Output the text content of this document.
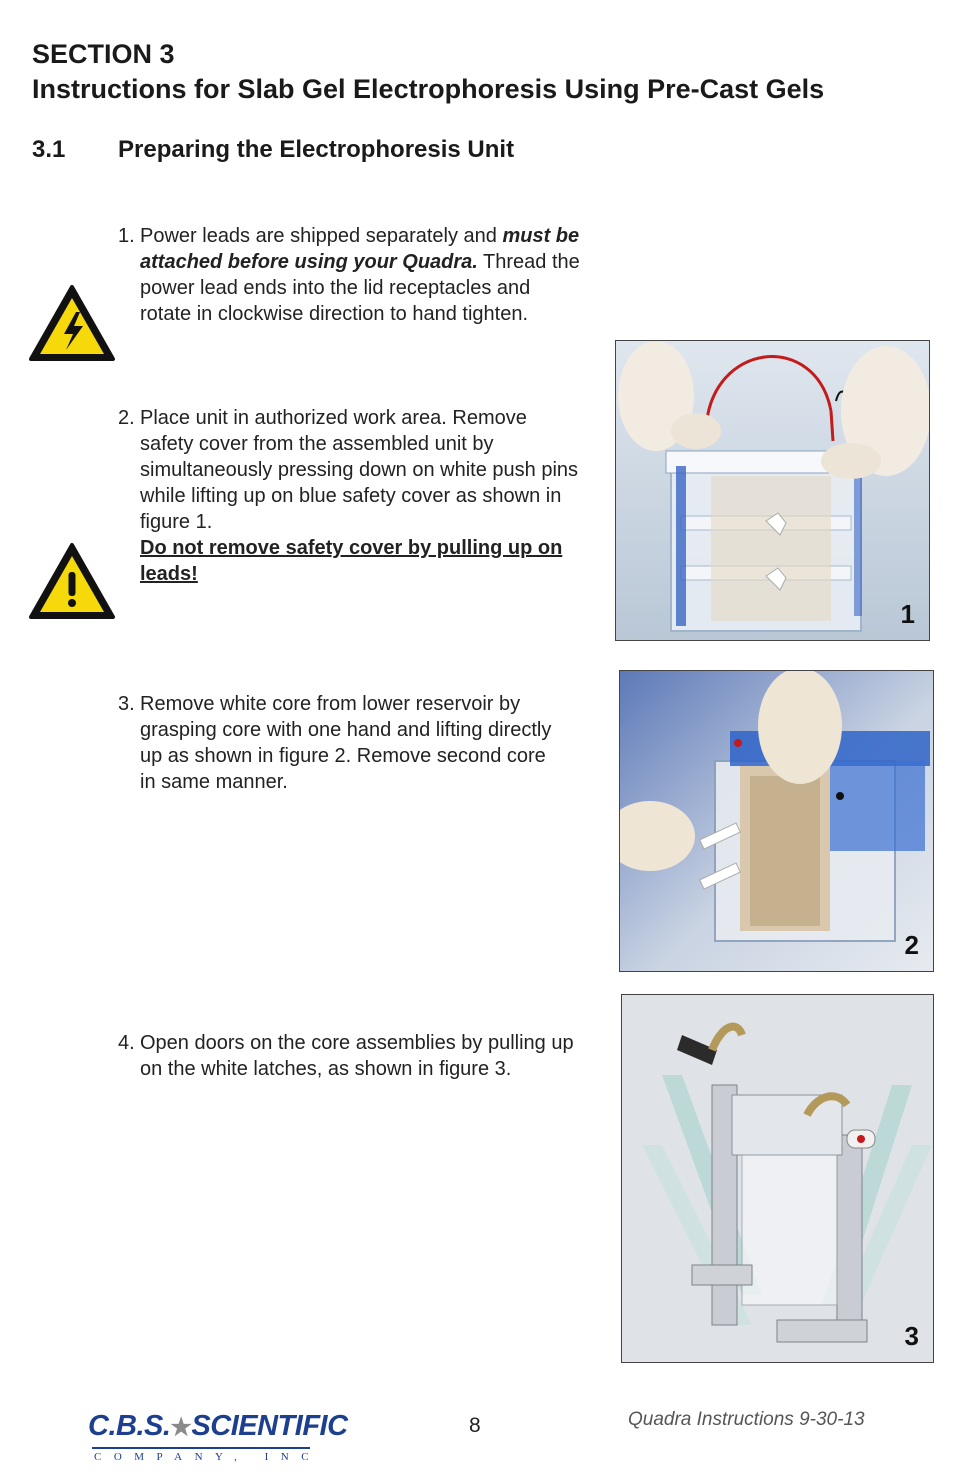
SECTION 3
Instructions for Slab Gel Electrophoresis Using Pre-Cast Gels
3.1 Preparing the Electrophoresis Unit
1. Power leads are shipped separately and must be attached before using your Quadra. Thread the power lead ends into the lid receptacles and rotate in clockwise direction to hand tighten.
2. Place unit in authorized work area. Remove safety cover from the assembled unit by simultaneously pressing down on white push pins while lifting up on blue safety cover as shown in figure 1.
Do not remove safety cover by pulling up on leads!
3. Remove white core from lower reservoir by grasping core with one hand and lifting directly up as shown in figure 2. Remove second core in same manner.
4. Open doors on the core assemblies by pulling up on the white latches, as shown in figure 3.
1
2
3
C.B.S.★SCIENTIFIC
COMPANY, INC
8	Quadra Instructions 9-30-13
